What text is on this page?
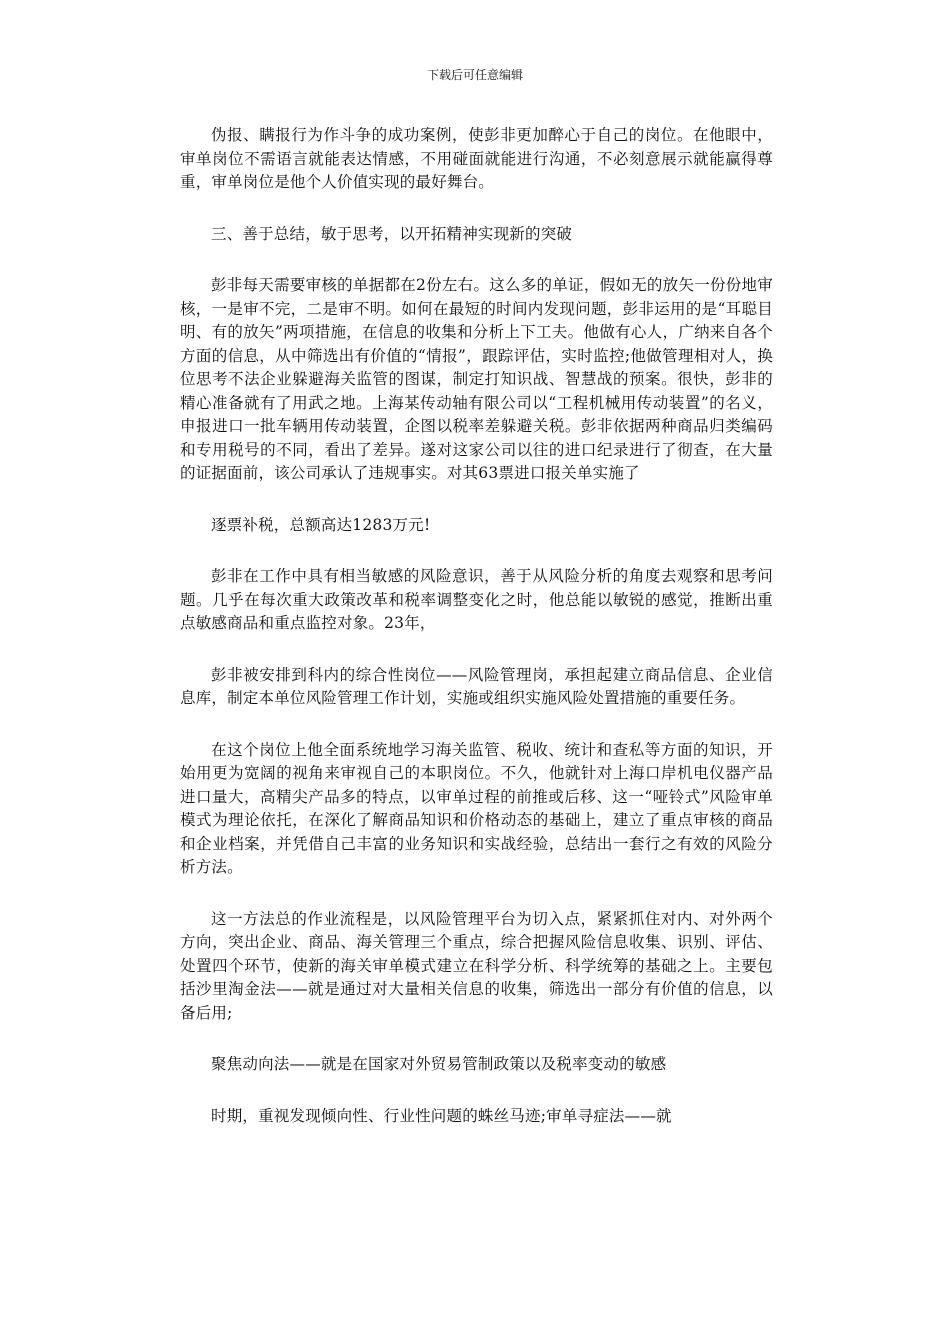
下载后可任意编辑

伪报、瞒报行为作斗争的成功案例，使彭非更加醉心于自己的岗位。在他眼中，审单岗位不需语言就能表达情感，不用碰面就能进行沟通，不必刻意展示就能赢得尊重，审单岗位是他个人价值实现的最好舞台。

三、善于总结，敏于思考，以开拓精神实现新的突破

彭非每天需要审核的单据都在2份左右。这么多的单证，假如无的放矢一份份地审核，一是审不完，二是审不明。如何在最短的时间内发现问题，彭非运用的是“耳聪目明、有的放矢”两项措施，在信息的收集和分析上下工夫。他做有心人，广纳来自各个方面的信息，从中筛选出有价值的“情报”，跟踪评估，实时监控;他做管理相对人，换位思考不法企业躲避海关监管的图谋，制定打知识战、智慧战的预案。很快，彭非的精心准备就有了用武之地。上海某传动轴有限公司以“工程机械用传动装置”的名义，申报进口一批车辆用传动装置，企图以税率差躲避关税。彭非依据两种商品归类编码和专用税号的不同，看出了差异。遂对这家公司以往的进口纪录进行了彻查，在大量的证据面前，该公司承认了违规事实。对其63票进口报关单实施了

逐票补税，总额高达1283万元!

彭非在工作中具有相当敏感的风险意识，善于从风险分析的角度去观察和思考问题。几乎在每次重大政策改革和税率调整变化之时，他总能以敏锐的感觉，推断出重点敏感商品和重点监控对象。23年，

彭非被安排到科内的综合性岗位——风险管理岗，承担起建立商品信息、企业信息库，制定本单位风险管理工作计划，实施或组织实施风险处置措施的重要任务。

在这个岗位上他全面系统地学习海关监管、税收、统计和查私等方面的知识，开始用更为宽阔的视角来审视自己的本职岗位。不久，他就针对上海口岸机电仪器产品进口量大，高精尖产品多的特点，以审单过程的前推或后移、这一“哑铃式”风险审单模式为理论依托，在深化了解商品知识和价格动态的基础上，建立了重点审核的商品和企业档案，并凭借自己丰富的业务知识和实战经验，总结出一套行之有效的风险分析方法。

这一方法总的作业流程是，以风险管理平台为切入点，紧紧抓住对内、对外两个方向，突出企业、商品、海关管理三个重点，综合把握风险信息收集、识别、评估、处置四个环节，使新的海关审单模式建立在科学分析、科学统筹的基础之上。主要包括沙里淘金法——就是通过对大量相关信息的收集，筛选出一部分有价值的信息，以备后用;

聚焦动向法——就是在国家对外贸易管制政策以及税率变动的敏感

时期，重视发现倾向性、行业性问题的蛛丝马迹;审单寻症法——就
